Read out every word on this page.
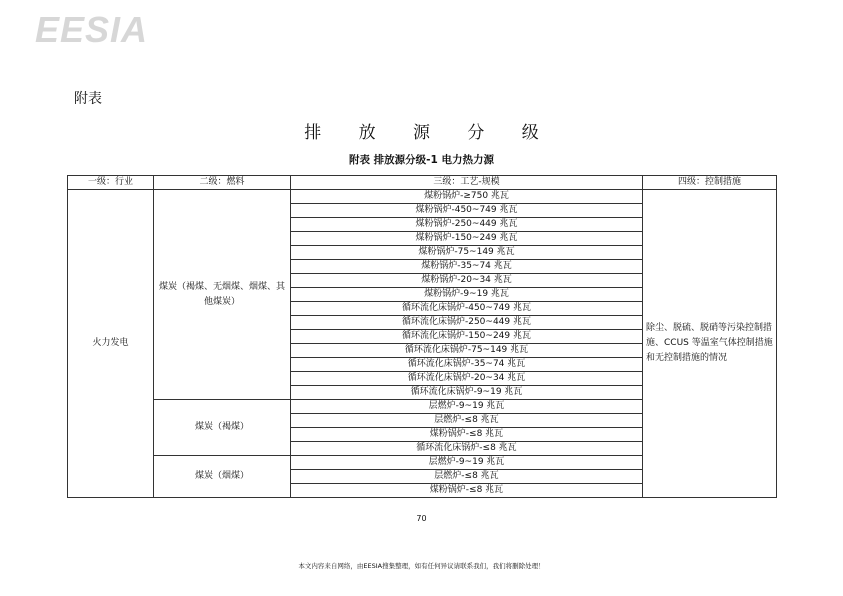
EESIA
附表
排 放 源 分 级
附表 排放源分级-1 电力热力源
一级：行业	二级：燃料	三级：工艺-规模	四级：控制措施
火力发电	煤炭（褐煤、无烟煤、烟煤、其他煤炭）	煤粉锅炉-≥750 兆瓦	除尘、脱硫、脱硝等污染控制措施、CCUS 等温室气体控制措施和无控制措施的情况
		煤粉锅炉-450~749 兆瓦	
		煤粉锅炉-250~449 兆瓦	
		煤粉锅炉-150~249 兆瓦	
		煤粉锅炉-75~149 兆瓦	
		煤粉锅炉-35~74 兆瓦	
		煤粉锅炉-20~34 兆瓦	
		煤粉锅炉-9~19 兆瓦	
		循环流化床锅炉-450~749 兆瓦	
		循环流化床锅炉-250~449 兆瓦	
		循环流化床锅炉-150~249 兆瓦	
		循环流化床锅炉-75~149 兆瓦	
		循环流化床锅炉-35~74 兆瓦	
		循环流化床锅炉-20~34 兆瓦	
		循环流化床锅炉-9~19 兆瓦	
	煤炭（褐煤）	层燃炉-9~19 兆瓦	
		层燃炉-≤8 兆瓦	
		煤粉锅炉-≤8 兆瓦	
		循环流化床锅炉-≤8 兆瓦	
	煤炭（烟煤）	层燃炉-9~19 兆瓦	
		层燃炉-≤8 兆瓦	
		煤粉锅炉-≤8 兆瓦	
70
本文内容来自网络，由EESIA搜集整理，如有任何异议请联系我们，我们将删除处理！
